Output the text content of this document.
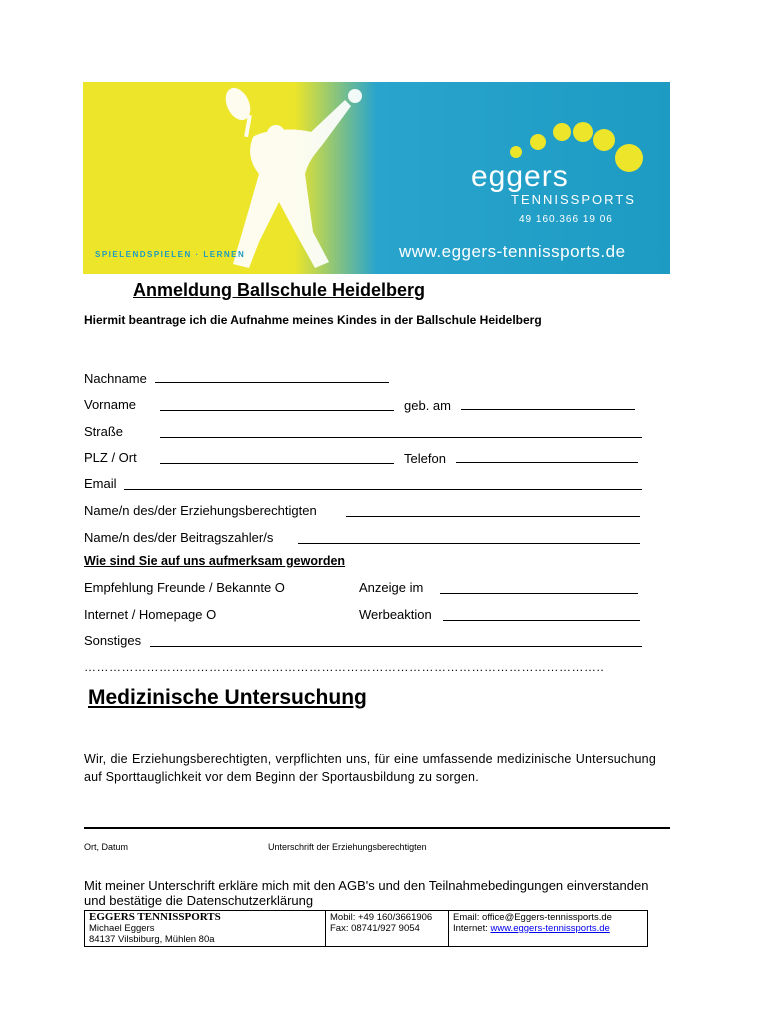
eggers
TENNISSPORTS
49 160.366 19 06
www.eggers-tennissports.de
SPIELENDSPIELEN · LERNEN
Anmeldung Ballschule Heidelberg
Hiermit beantrage ich die Aufnahme meines Kindes in der Ballschule Heidelberg
Nachname
Vorname	geb. am
Straße
PLZ / Ort	Telefon
Email
Name/n des/der Erziehungsberechtigten
Name/n des/der Beitragszahler/s
Wie sind Sie auf uns aufmerksam geworden
Empfehlung Freunde / Bekannte O	Anzeige im
Internet / Homepage O	Werbeaktion
Sonstiges
……………………………………………………………………………………………………………..
Medizinische Untersuchung
Wir, die Erziehungsberechtigten, verpflichten uns, für eine umfassende medizinische Untersuchung auf Sporttauglichkeit vor dem Beginn der Sportausbildung zu sorgen.
Ort, Datum	Unterschrift der Erziehungsberechtigten
Mit meiner Unterschrift erkläre mich mit den AGB's und den Teilnahmebedingungen einverstanden und bestätige die Datenschutzerklärung
EGGERS TENNISSPORTS
Michael Eggers
84137 Vilsbiburg, Mühlen 80a

Mobil: +49 160/3661906
Fax: 08741/927 9054

Email: office@Eggers-tennissports.de
Internet: www.eggers-tennissports.de
